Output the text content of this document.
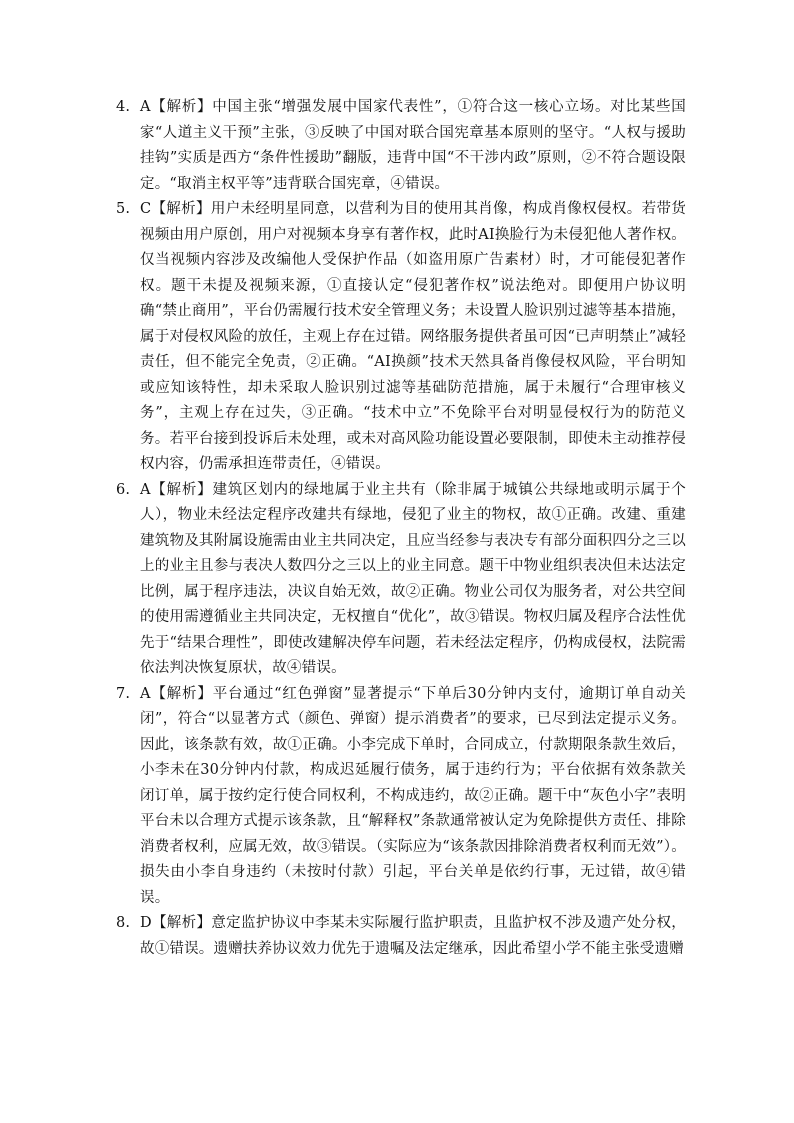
4. A【解析】中国主张“增强发展中国家代表性”，①符合这一核心立场。对比某些国家“人道主义干预”主张，③反映了中国对联合国宪章基本原则的坚守。“人权与援助挂钩”实质是西方“条件性援助”翻版，违背中国“不干涉内政”原则，②不符合题设限定。“取消主权平等”违背联合国宪章，④错误。

5. C【解析】用户未经明星同意，以营利为目的使用其肖像，构成肖像权侵权。若带货视频由用户原创，用户对视频本身享有著作权，此时AI换脸行为未侵犯他人著作权。仅当视频内容涉及改编他人受保护作品（如盗用原广告素材）时，才可能侵犯著作权。题干未提及视频来源，①直接认定“侵犯著作权”说法绝对。即便用户协议明确“禁止商用”，平台仍需履行技术安全管理义务；未设置人脸识别过滤等基本措施，属于对侵权风险的放任，主观上存在过错。网络服务提供者虽可因“已声明禁止”减轻责任，但不能完全免责，②正确。“AI换颜”技术天然具备肖像侵权风险，平台明知或应知该特性，却未采取人脸识别过滤等基础防范措施，属于未履行“合理审核义务”，主观上存在过失，③正确。“技术中立”不免除平台对明显侵权行为的防范义务。若平台接到投诉后未处理，或未对高风险功能设置必要限制，即使未主动推荐侵权内容，仍需承担连带责任，④错误。

6. A【解析】建筑区划内的绿地属于业主共有（除非属于城镇公共绿地或明示属于个人），物业未经法定程序改建共有绿地，侵犯了业主的物权，故①正确。改建、重建建筑物及其附属设施需由业主共同决定，且应当经参与表决专有部分面积四分之三以上的业主且参与表决人数四分之三以上的业主同意。题干中物业组织表决但未达法定比例，属于程序违法，决议自始无效，故②正确。物业公司仅为服务者，对公共空间的使用需遵循业主共同决定，无权擅自“优化”，故③错误。物权归属及程序合法性优先于“结果合理性”，即使改建解决停车问题，若未经法定程序，仍构成侵权，法院需依法判决恢复原状，故④错误。

7. A【解析】平台通过“红色弹窗”显著提示“下单后30分钟内支付，逾期订单自动关闭”，符合“以显著方式（颜色、弹窗）提示消费者”的要求，已尽到法定提示义务。因此，该条款有效，故①正确。小李完成下单时，合同成立，付款期限条款生效后，小李未在30分钟内付款，构成迟延履行债务，属于违约行为；平台依据有效条款关闭订单，属于按约定行使合同权利，不构成违约，故②正确。题干中“灰色小字”表明平台未以合理方式提示该条款，且“解释权”条款通常被认定为免除提供方责任、排除消费者权利，应属无效，故③错误。（实际应为“该条款因排除消费者权利而无效”）。损失由小李自身违约（未按时付款）引起，平台关单是依约行事，无过错，故④错误。

8. D【解析】意定监护协议中李某未实际履行监护职责，且监护权不涉及遗产处分权，故①错误。遗赠扶养协议效力优先于遗嘱及法定继承，因此希望小学不能主张受遗赠
